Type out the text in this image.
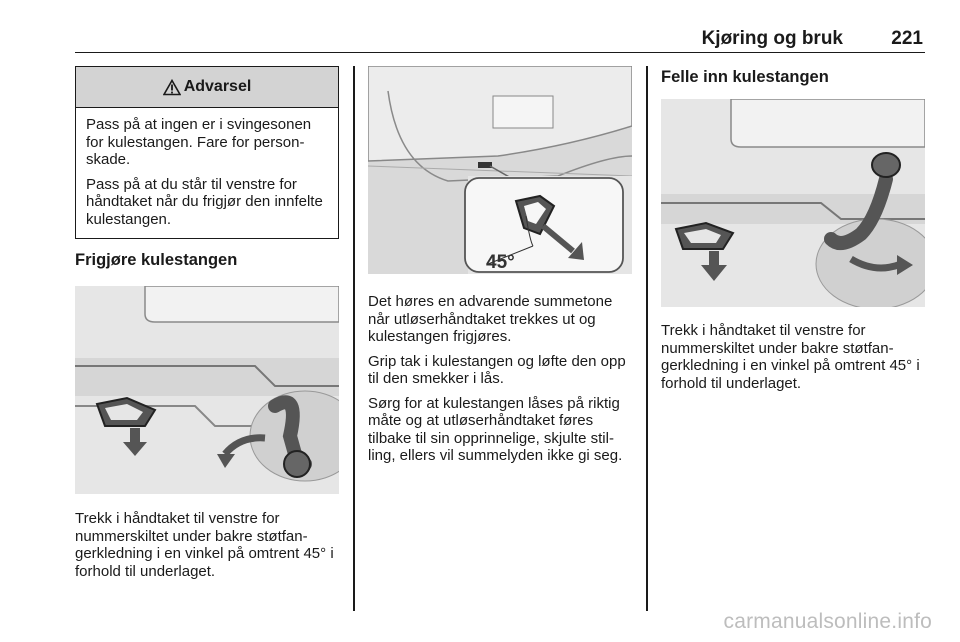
Kjøring og bruk	221
Advarsel

Pass på at ingen er i svingesonen for kulestangen. Fare for personskade.

Pass på at du står til venstre for håndtaket når du frigjør den innfelte kulestangen.

Frigjøre kulestangen

Trekk i håndtaket til venstre for nummerskiltet under bakre støtfangerkledning i en vinkel på omtrent 45° i forhold til underlaget.

45°

Det høres en advarende summetone når utløserhåndtaket trekkes ut og kulestangen frigjøres.

Grip tak i kulestangen og løfte den opp til den smekker i lås.

Sørg for at kulestangen låses på riktig måte og at utløserhåndtaket føres tilbake til sin opprinnelige, skjulte stilling, ellers vil summelyden ikke gi seg.

Felle inn kulestangen

Trekk i håndtaket til venstre for nummerskiltet under bakre støtfangerkledning i en vinkel på omtrent 45° i forhold til underlaget.

carmanualsonline.info
